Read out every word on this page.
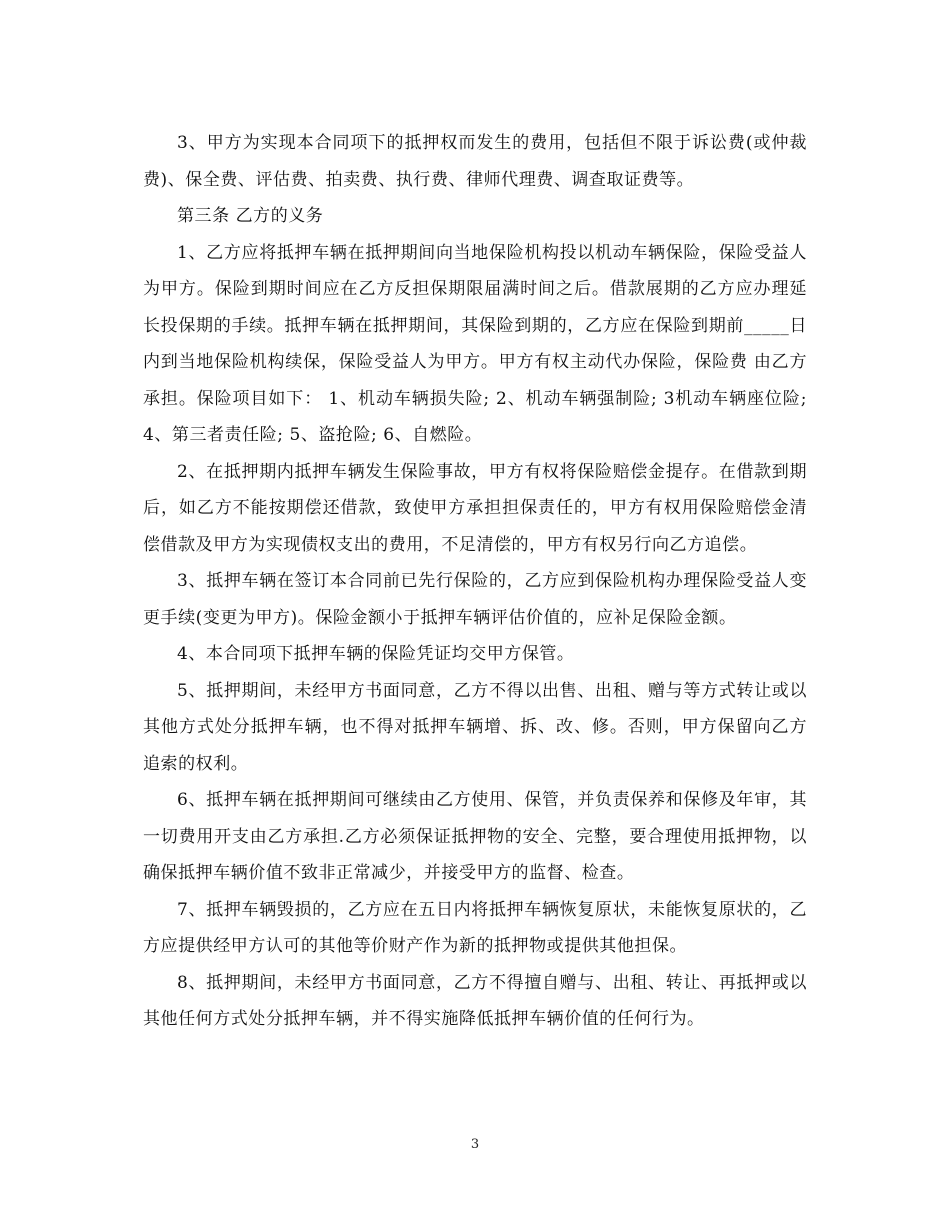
3、甲方为实现本合同项下的抵押权而发生的费用，包括但不限于诉讼费(或仲裁费)、保全费、评估费、拍卖费、执行费、律师代理费、调查取证费等。

第三条 乙方的义务

1、乙方应将抵押车辆在抵押期间向当地保险机构投以机动车辆保险，保险受益人为甲方。保险到期时间应在乙方反担保期限届满时间之后。借款展期的乙方应办理延长投保期的手续。抵押车辆在抵押期间，其保险到期的，乙方应在保险到期前_____日内到当地保险机构续保，保险受益人为甲方。甲方有权主动代办保险，保险费 由乙方承担。保险项目如下： 1、机动车辆损失险; 2、机动车辆强制险; 3机动车辆座位险; 4、第三者责任险; 5、盗抢险; 6、自燃险。

2、在抵押期内抵押车辆发生保险事故，甲方有权将保险赔偿金提存。在借款到期后，如乙方不能按期偿还借款，致使甲方承担担保责任的，甲方有权用保险赔偿金清偿借款及甲方为实现债权支出的费用，不足清偿的，甲方有权另行向乙方追偿。

3、抵押车辆在签订本合同前已先行保险的，乙方应到保险机构办理保险受益人变更手续(变更为甲方)。保险金额小于抵押车辆评估价值的，应补足保险金额。

4、本合同项下抵押车辆的保险凭证均交甲方保管。

5、抵押期间，未经甲方书面同意，乙方不得以出售、出租、赠与等方式转让或以其他方式处分抵押车辆，也不得对抵押车辆增、拆、改、修。否则，甲方保留向乙方追索的权利。

6、抵押车辆在抵押期间可继续由乙方使用、保管，并负责保养和保修及年审，其一切费用开支由乙方承担.乙方必须保证抵押物的安全、完整，要合理使用抵押物，以确保抵押车辆价值不致非正常减少，并接受甲方的监督、检查。

7、抵押车辆毁损的，乙方应在五日内将抵押车辆恢复原状，未能恢复原状的，乙方应提供经甲方认可的其他等价财产作为新的抵押物或提供其他担保。

8、抵押期间，未经甲方书面同意，乙方不得擅自赠与、出租、转让、再抵押或以其他任何方式处分抵押车辆，并不得实施降低抵押车辆价值的任何行为。

3
